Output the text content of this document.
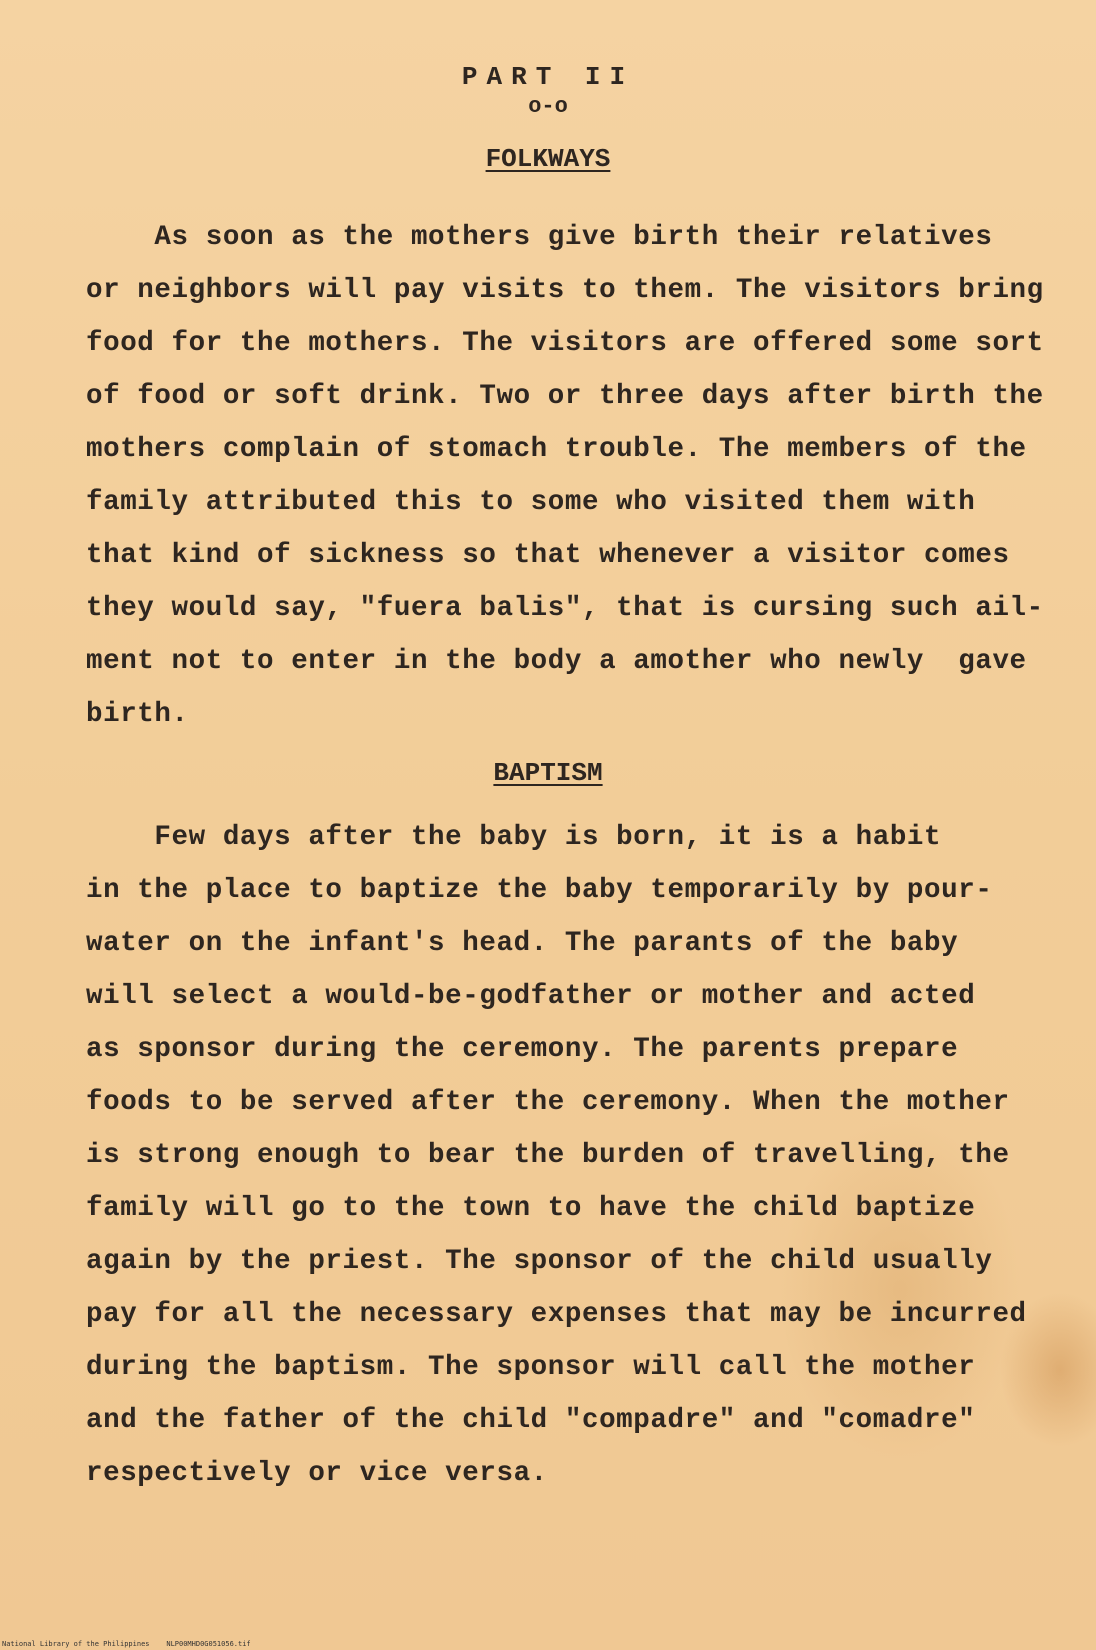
PART II
o-o
FOLKWAYS
As soon as the mothers give birth their relatives
or neighbors will pay visits to them. The visitors bring
food for the mothers. The visitors are offered some sort
of food or soft drink. Two or three days after birth the
mothers complain of stomach trouble. The members of the
family attributed this to some who visited them with
that kind of sickness so that whenever a visitor comes
they would say, "fuera balis", that is cursing such ail-
ment not to enter in the body a amother who newly  gave
birth.
BAPTISM
Few days after the baby is born, it is a habit
in the place to baptize the baby temporarily by pour-
water on the infant's head. The parants of the baby
will select a would-be-godfather or mother and acted
as sponsor during the ceremony. The parents prepare
foods to be served after the ceremony. When the mother
is strong enough to bear the burden of travelling, the
family will go to the town to have the child baptize
again by the priest. The sponsor of the child usually
pay for all the necessary expenses that may be incurred
during the baptism. The sponsor will call the mother
and the father of the child "compadre" and "comadre"
respectively or vice versa.
National Library of the Philippines    NLP00MHD0G051056.tif
